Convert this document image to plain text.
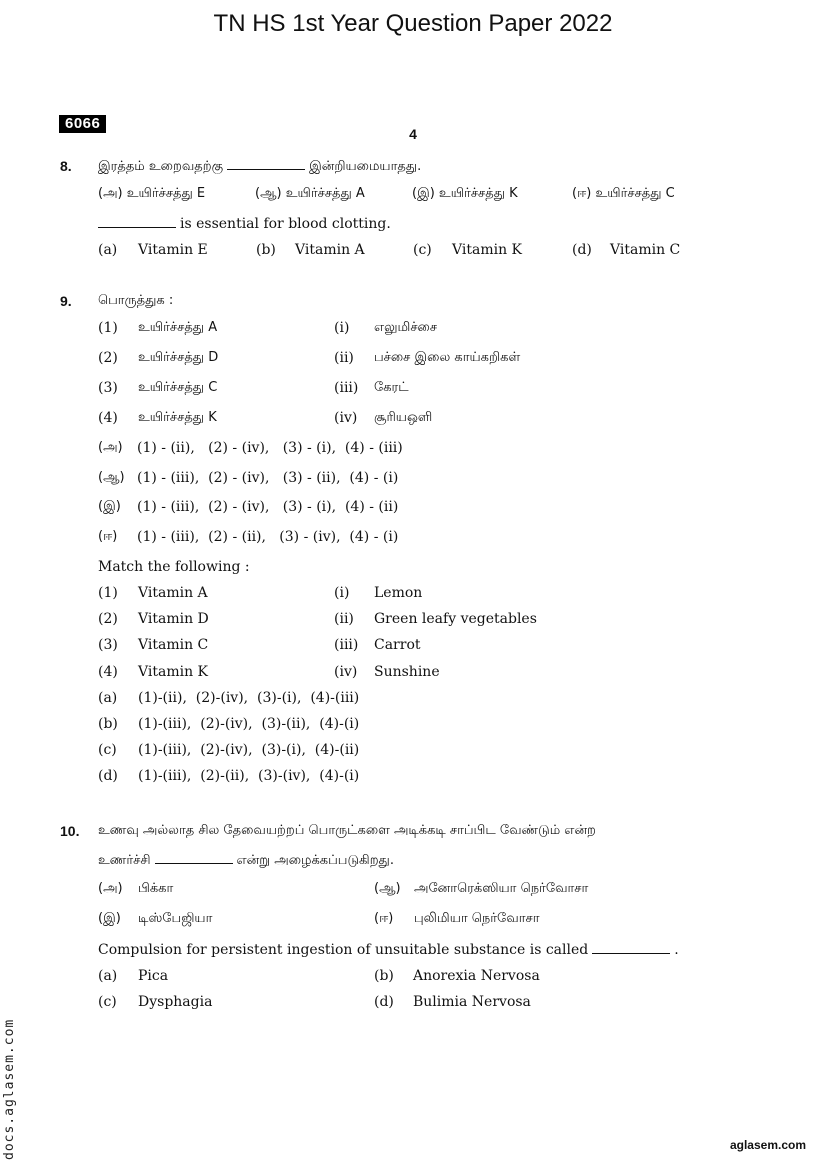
TN HS 1st Year Question Paper 2022
6066
4
8. இரத்தம் உறைவதற்கு	இன்றியமையாதது.
(அ) உயிர்ச்சத்து E	(ஆ) உயிர்ச்சத்து A	(இ) உயிர்ச்சத்து K	(ஈ) உயிர்ச்சத்து C
is essential for blood clotting.
(a) Vitamin E	(b) Vitamin A	(c) Vitamin K	(d) Vitamin C
9. பொருத்துக :
(1) உயிர்ச்சத்து A	(i) எலுமிச்சை
(2) உயிர்ச்சத்து D	(ii) பச்சை இலை காய்கறிகள்
(3) உயிர்ச்சத்து C	(iii) கேரட்
(4) உயிர்ச்சத்து K	(iv) சூரியஒளி
(அ) (1) - (ii),   (2) - (iv),   (3) - (i),  (4) - (iii)
(ஆ) (1) - (iii),  (2) - (iv),   (3) - (ii),  (4) - (i)
(இ) (1) - (iii),  (2) - (iv),   (3) - (i),  (4) - (ii)
(ஈ) (1) - (iii),  (2) - (ii),   (3) - (iv),  (4) - (i)
Match the following :
(1) Vitamin A	(i) Lemon
(2) Vitamin D	(ii) Green leafy vegetables
(3) Vitamin C	(iii) Carrot
(4) Vitamin K	(iv) Sunshine
(a) (1)-(ii),  (2)-(iv),  (3)-(i),  (4)-(iii)
(b) (1)-(iii),  (2)-(iv),  (3)-(ii),  (4)-(i)
(c) (1)-(iii),  (2)-(iv),  (3)-(i),  (4)-(ii)
(d) (1)-(iii),  (2)-(ii),  (3)-(iv),  (4)-(i)
10. உணவு அல்லாத சில தேவையற்றப் பொருட்களை அடிக்கடி சாப்பிட வேண்டும் என்ற
உணர்ச்சி	என்று அழைக்கப்படுகிறது.
(அ) பிக்கா	(ஆ) அனோரெக்ஸியா நெர்வோசா
(இ) டிஸ்பேஜியா	(ஈ) புலிமியா நெர்வோசா
Compulsion for persistent ingestion of unsuitable substance is called	.
(a) Pica	(b) Anorexia Nervosa
(c) Dysphagia	(d) Bulimia Nervosa
docs.aglasem.com	aglasem.com
